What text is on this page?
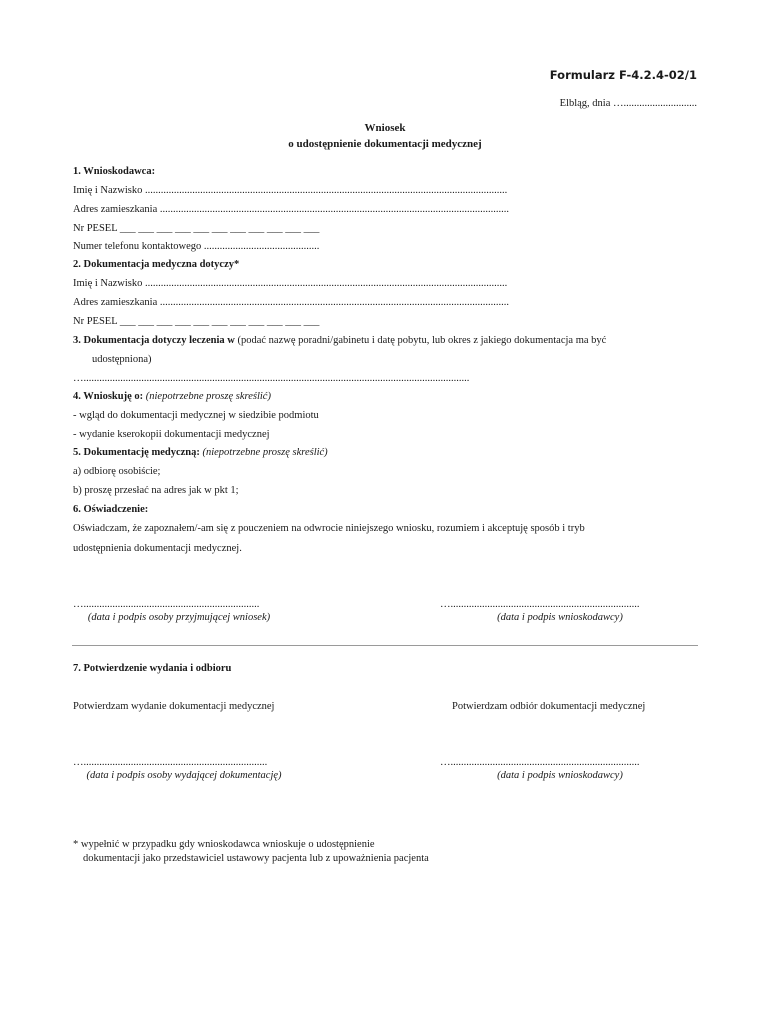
Formularz F-4.2.4-02/1
Elbląg, dnia …............................
Wniosek
o udostępnienie dokumentacji medycznej
1. Wnioskodawca:
Imię i Nazwisko ..........................................................................................................................................
Adres zamieszkania .....................................................................................................................................
Nr PESEL ___ ___ ___ ___ ___ ___ ___ ___ ___ ___ ___
Numer telefonu kontaktowego ............................................
2. Dokumentacja medyczna dotyczy*
Imię i Nazwisko ..........................................................................................................................................
Adres zamieszkania .....................................................................................................................................
Nr PESEL ___ ___ ___ ___ ___ ___ ___ ___ ___ ___ ___
3. Dokumentacja dotyczy leczenia w (podać nazwę poradni/gabinetu i datę pobytu, lub okres z jakiego dokumentacja ma być
udostępniona)
…...................................................................................................................................................
4. Wnioskuję o: (niepotrzebne proszę skreślić)
- wgląd do dokumentacji medycznej w siedzibie podmiotu
- wydanie kserokopii dokumentacji medycznej
5. Dokumentację medyczną: (niepotrzebne proszę skreślić)
a) odbiorę osobiście;
b) proszę przesłać na adres jak w pkt 1;
6. Oświadczenie:
Oświadczam, że zapoznałem/-am się z pouczeniem na odwrocie niniejszego wniosku, rozumiem i akceptuję sposób i tryb
udostępnienia dokumentacji medycznej.
…...................................................................
(data i podpis osoby przyjmującej wniosek)
…........................................................................
(data i podpis wnioskodawcy)
7. Potwierdzenie wydania i odbioru
Potwierdzam wydanie dokumentacji medycznej	Potwierdzam odbiór dokumentacji medycznej
…......................................................................
(data i podpis osoby wydającej dokumentację)
…........................................................................
(data i podpis wnioskodawcy)
* wypełnić w przypadku gdy wnioskodawca wnioskuje o udostępnienie
dokumentacji jako przedstawiciel ustawowy pacjenta lub z upoważnienia pacjenta
